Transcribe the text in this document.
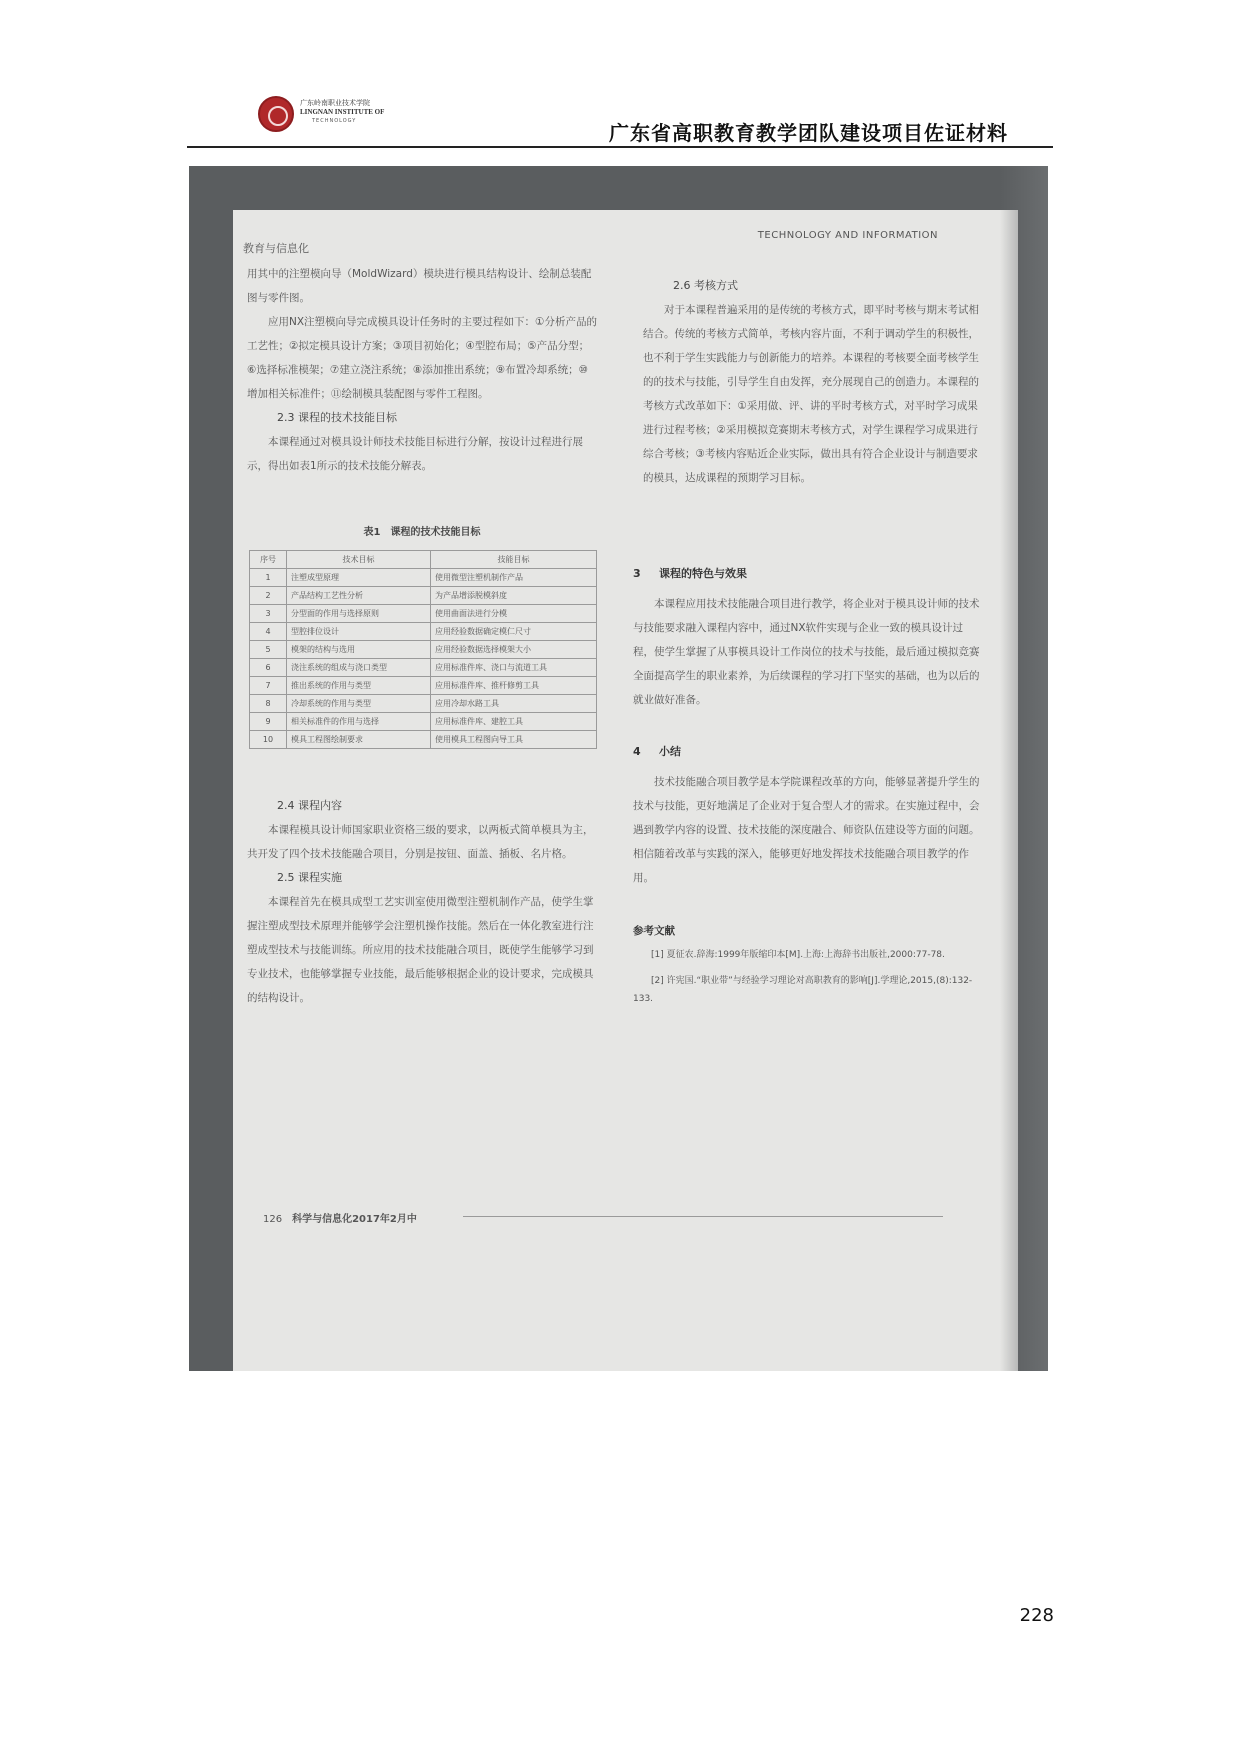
广东岭南职业技术学院
LINGNAN INSTITUTE OF
TECHNOLOGY	广东省高职教育教学团队建设项目佐证材料
教育与信息化
TECHNOLOGY AND INFORMATION

用其中的注塑模向导（MoldWizard）模块进行模具结构设计、绘制总装配图与零件图。

应用NX注塑模向导完成模具设计任务时的主要过程如下：①分析产品的工艺性；②拟定模具设计方案；③项目初始化；④型腔布局；⑤产品分型；⑥选择标准模架；⑦建立浇注系统；⑧添加推出系统；⑨布置冷却系统；⑩增加相关标准件；⑪绘制模具装配图与零件工程图。

2.3 课程的技术技能目标

本课程通过对模具设计师技术技能目标进行分解，按设计过程进行展示，得出如表1所示的技术技能分解表。

表1　课程的技术技能目标
序号	技术目标	技能目标
1	注塑成型原理	使用微型注塑机制作产品
2	产品结构工艺性分析	为产品增添脱模斜度
3	分型面的作用与选择原则	使用曲面法进行分模
4	型腔排位设计	应用经验数据确定模仁尺寸
5	模架的结构与选用	应用经验数据选择模架大小
6	浇注系统的组成与浇口类型	应用标准件库、浇口与流道工具
7	推出系统的作用与类型	应用标准件库、推杆修剪工具
8	冷却系统的作用与类型	应用冷却水路工具
9	相关标准件的作用与选择	应用标准件库、建腔工具
10	模具工程图绘制要求	使用模具工程图向导工具
2.4 课程内容

本课程模具设计师国家职业资格三级的要求，以两板式简单模具为主，共开发了四个技术技能融合项目，分别是按钮、面盖、插板、名片格。

2.5 课程实施

本课程首先在模具成型工艺实训室使用微型注塑机制作产品，使学生掌握注塑成型技术原理并能够学会注塑机操作技能。然后在一体化教室进行注塑成型技术与技能训练。所应用的技术技能融合项目，既使学生能够学习到专业技术，也能够掌握专业技能，最后能够根据企业的设计要求，完成模具的结构设计。

2.6 考核方式

对于本课程普遍采用的是传统的考核方式，即平时考核与期末考试相结合。传统的考核方式简单，考核内容片面，不利于调动学生的积极性，也不利于学生实践能力与创新能力的培养。本课程的考核要全面考核学生的的技术与技能，引导学生自由发挥，充分展现自己的创造力。本课程的考核方式改革如下：①采用做、评、讲的平时考核方式，对平时学习成果进行过程考核；②采用模拟竞赛期末考核方式，对学生课程学习成果进行综合考核；③考核内容贴近企业实际，做出具有符合企业设计与制造要求的模具，达成课程的预期学习目标。

3 课程的特色与效果

本课程应用技术技能融合项目进行教学，将企业对于模具设计师的技术与技能要求融入课程内容中，通过NX软件实现与企业一致的模具设计过程，使学生掌握了从事模具设计工作岗位的技术与技能，最后通过模拟竞赛全面提高学生的职业素养，为后续课程的学习打下坚实的基础，也为以后的就业做好准备。

4 小结

技术技能融合项目教学是本学院课程改革的方向，能够显著提升学生的技术与技能，更好地满足了企业对于复合型人才的需求。在实施过程中，会遇到教学内容的设置、技术技能的深度融合、师资队伍建设等方面的问题。相信随着改革与实践的深入，能够更好地发挥技术技能融合项目教学的作用。

参考文献

[1] 夏征农.辞海:1999年版缩印本[M].上海:上海辞书出版社,2000:77-78.

[2] 许宪国.“职业带”与经验学习理论对高职教育的影响[J].学理论,2015,(8):132-133.

126 科学与信息化2017年2月中
228
